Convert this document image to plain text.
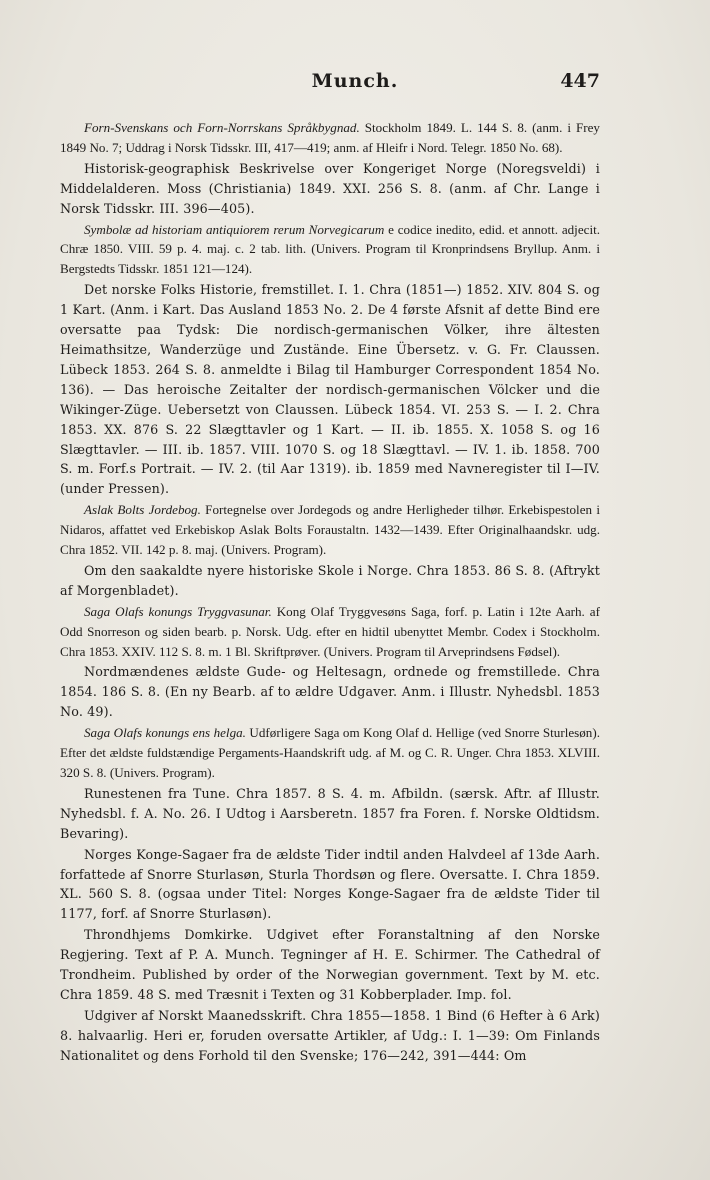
Munch.	447

Forn-Svenskans och Forn-Norrskans Språkbygnad. Stockholm 1849. L. 144 S. 8. (anm. i Frey 1849 No. 7; Uddrag i Norsk Tidsskr. III, 417—419; anm. af Hleifr i Nord. Telegr. 1850 No. 68).

Historisk-geographisk Beskrivelse over Kongeriget Norge (Noregsveldi) i Middelalderen. Moss (Christiania) 1849. XXI. 256 S. 8. (anm. af Chr. Lange i Norsk Tidsskr. III. 396—405).

Symbolæ ad historiam antiquiorem rerum Norvegicarum e codice inedito, edid. et annott. adjecit. Chræ 1850. VIII. 59 p. 4. maj. c. 2 tab. lith. (Univers. Program til Kronprindsens Bryllup. Anm. i Bergstedts Tidsskr. 1851 121—124).

Det norske Folks Historie, fremstillet. I. 1. Chra (1851—) 1852. XIV. 804 S. og 1 Kart. (Anm. i Kart. Das Ausland 1853 No. 2. De 4 første Afsnit af dette Bind ere oversatte paa Tydsk: Die nordisch-germanischen Völker, ihre ältesten Heimathsitze, Wanderzüge und Zustände. Eine Übersetz. v. G. Fr. Claussen. Lübeck 1853. 264 S. 8. anmeldte i Bilag til Hamburger Correspondent 1854 No. 136). — Das heroische Zeitalter der nordisch-germanischen Völcker und die Wikinger-Züge. Uebersetzt von Claussen. Lübeck 1854. VI. 253 S. — I. 2. Chra 1853. XX. 876 S. 22 Slægttavler og 1 Kart. — II. ib. 1855. X. 1058 S. og 16 Slægttavler. — III. ib. 1857. VIII. 1070 S. og 18 Slægttavl. — IV. 1. ib. 1858. 700 S. m. Forf.s Portrait. — IV. 2. (til Aar 1319). ib. 1859 med Navneregister til I—IV. (under Pressen).

Aslak Bolts Jordebog. Fortegnelse over Jordegods og andre Herligheder tilhør. Erkebispestolen i Nidaros, affattet ved Erkebiskop Aslak Bolts Foraustaltn. 1432—1439. Efter Originalhaandskr. udg. Chra 1852. VII. 142 p. 8. maj. (Univers. Program).

Om den saakaldte nyere historiske Skole i Norge. Chra 1853. 86 S. 8. (Aftrykt af Morgenbladet).

Saga Olafs konungs Tryggvasunar. Kong Olaf Tryggvesøns Saga, forf. p. Latin i 12te Aarh. af Odd Snorreson og siden bearb. p. Norsk. Udg. efter en hidtil ubenyttet Membr. Codex i Stockholm. Chra 1853. XXIV. 112 S. 8. m. 1 Bl. Skriftprøver. (Univers. Program til Arveprindsens Fødsel).

Nordmændenes ældste Gude- og Heltesagn, ordnede og fremstillede. Chra 1854. 186 S. 8. (En ny Bearb. af to ældre Udgaver. Anm. i Illustr. Nyhedsbl. 1853 No. 49).

Saga Olafs konungs ens helga. Udførligere Saga om Kong Olaf d. Hellige (ved Snorre Sturlesøn). Efter det ældste fuldstændige Pergaments-Haandskrift udg. af M. og C. R. Unger. Chra 1853. XLVIII. 320 S. 8. (Univers. Program).

Runestenen fra Tune. Chra 1857. 8 S. 4. m. Afbildn. (særsk. Aftr. af Illustr. Nyhedsbl. f. A. No. 26. I Udtog i Aarsberetn. 1857 fra Foren. f. Norske Oldtidsm. Bevaring).

Norges Konge-Sagaer fra de ældste Tider indtil anden Halvdeel af 13de Aarh. forfattede af Snorre Sturlasøn, Sturla Thordsøn og flere. Oversatte. I. Chra 1859. XL. 560 S. 8. (ogsaa under Titel: Norges Konge-Sagaer fra de ældste Tider til 1177, forf. af Snorre Sturlasøn).

Throndhjems Domkirke. Udgivet efter Foranstaltning af den Norske Regjering. Text af P. A. Munch. Tegninger af H. E. Schirmer. The Cathedral of Trondheim. Published by order of the Norwegian government. Text by M. etc. Chra 1859. 48 S. med Træsnit i Texten og 31 Kobberplader. Imp. fol.

Udgiver af Norskt Maanedsskrift. Chra 1855—1858. 1 Bind (6 Hefter à 6 Ark) 8. halvaarlig. Heri er, foruden oversatte Artikler, af Udg.: I. 1—39: Om Finlands Nationalitet og dens Forhold til den Svenske; 176—242, 391—444: Om
